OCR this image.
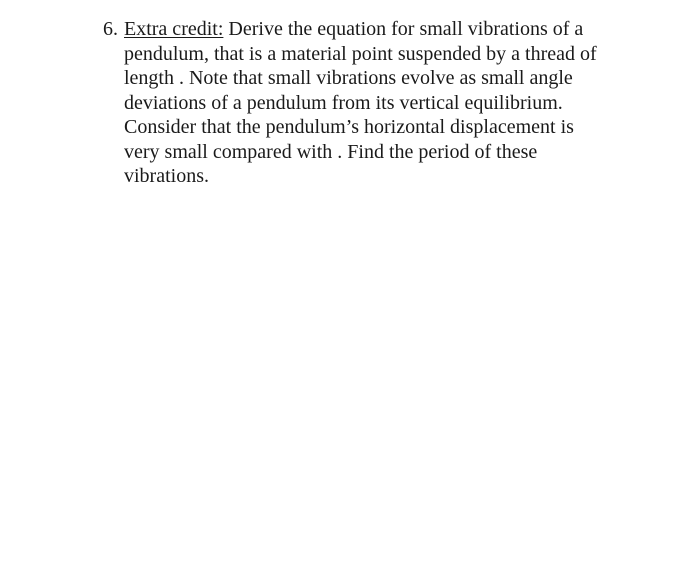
6. Extra credit: Derive the equation for small vibrations of a
pendulum, that is a material point suspended by a thread of
length . Note that small vibrations evolve as small angle
deviations of a pendulum from its vertical equilibrium.
Consider that the pendulum’s horizontal displacement is
very small compared with . Find the period of these
vibrations.
